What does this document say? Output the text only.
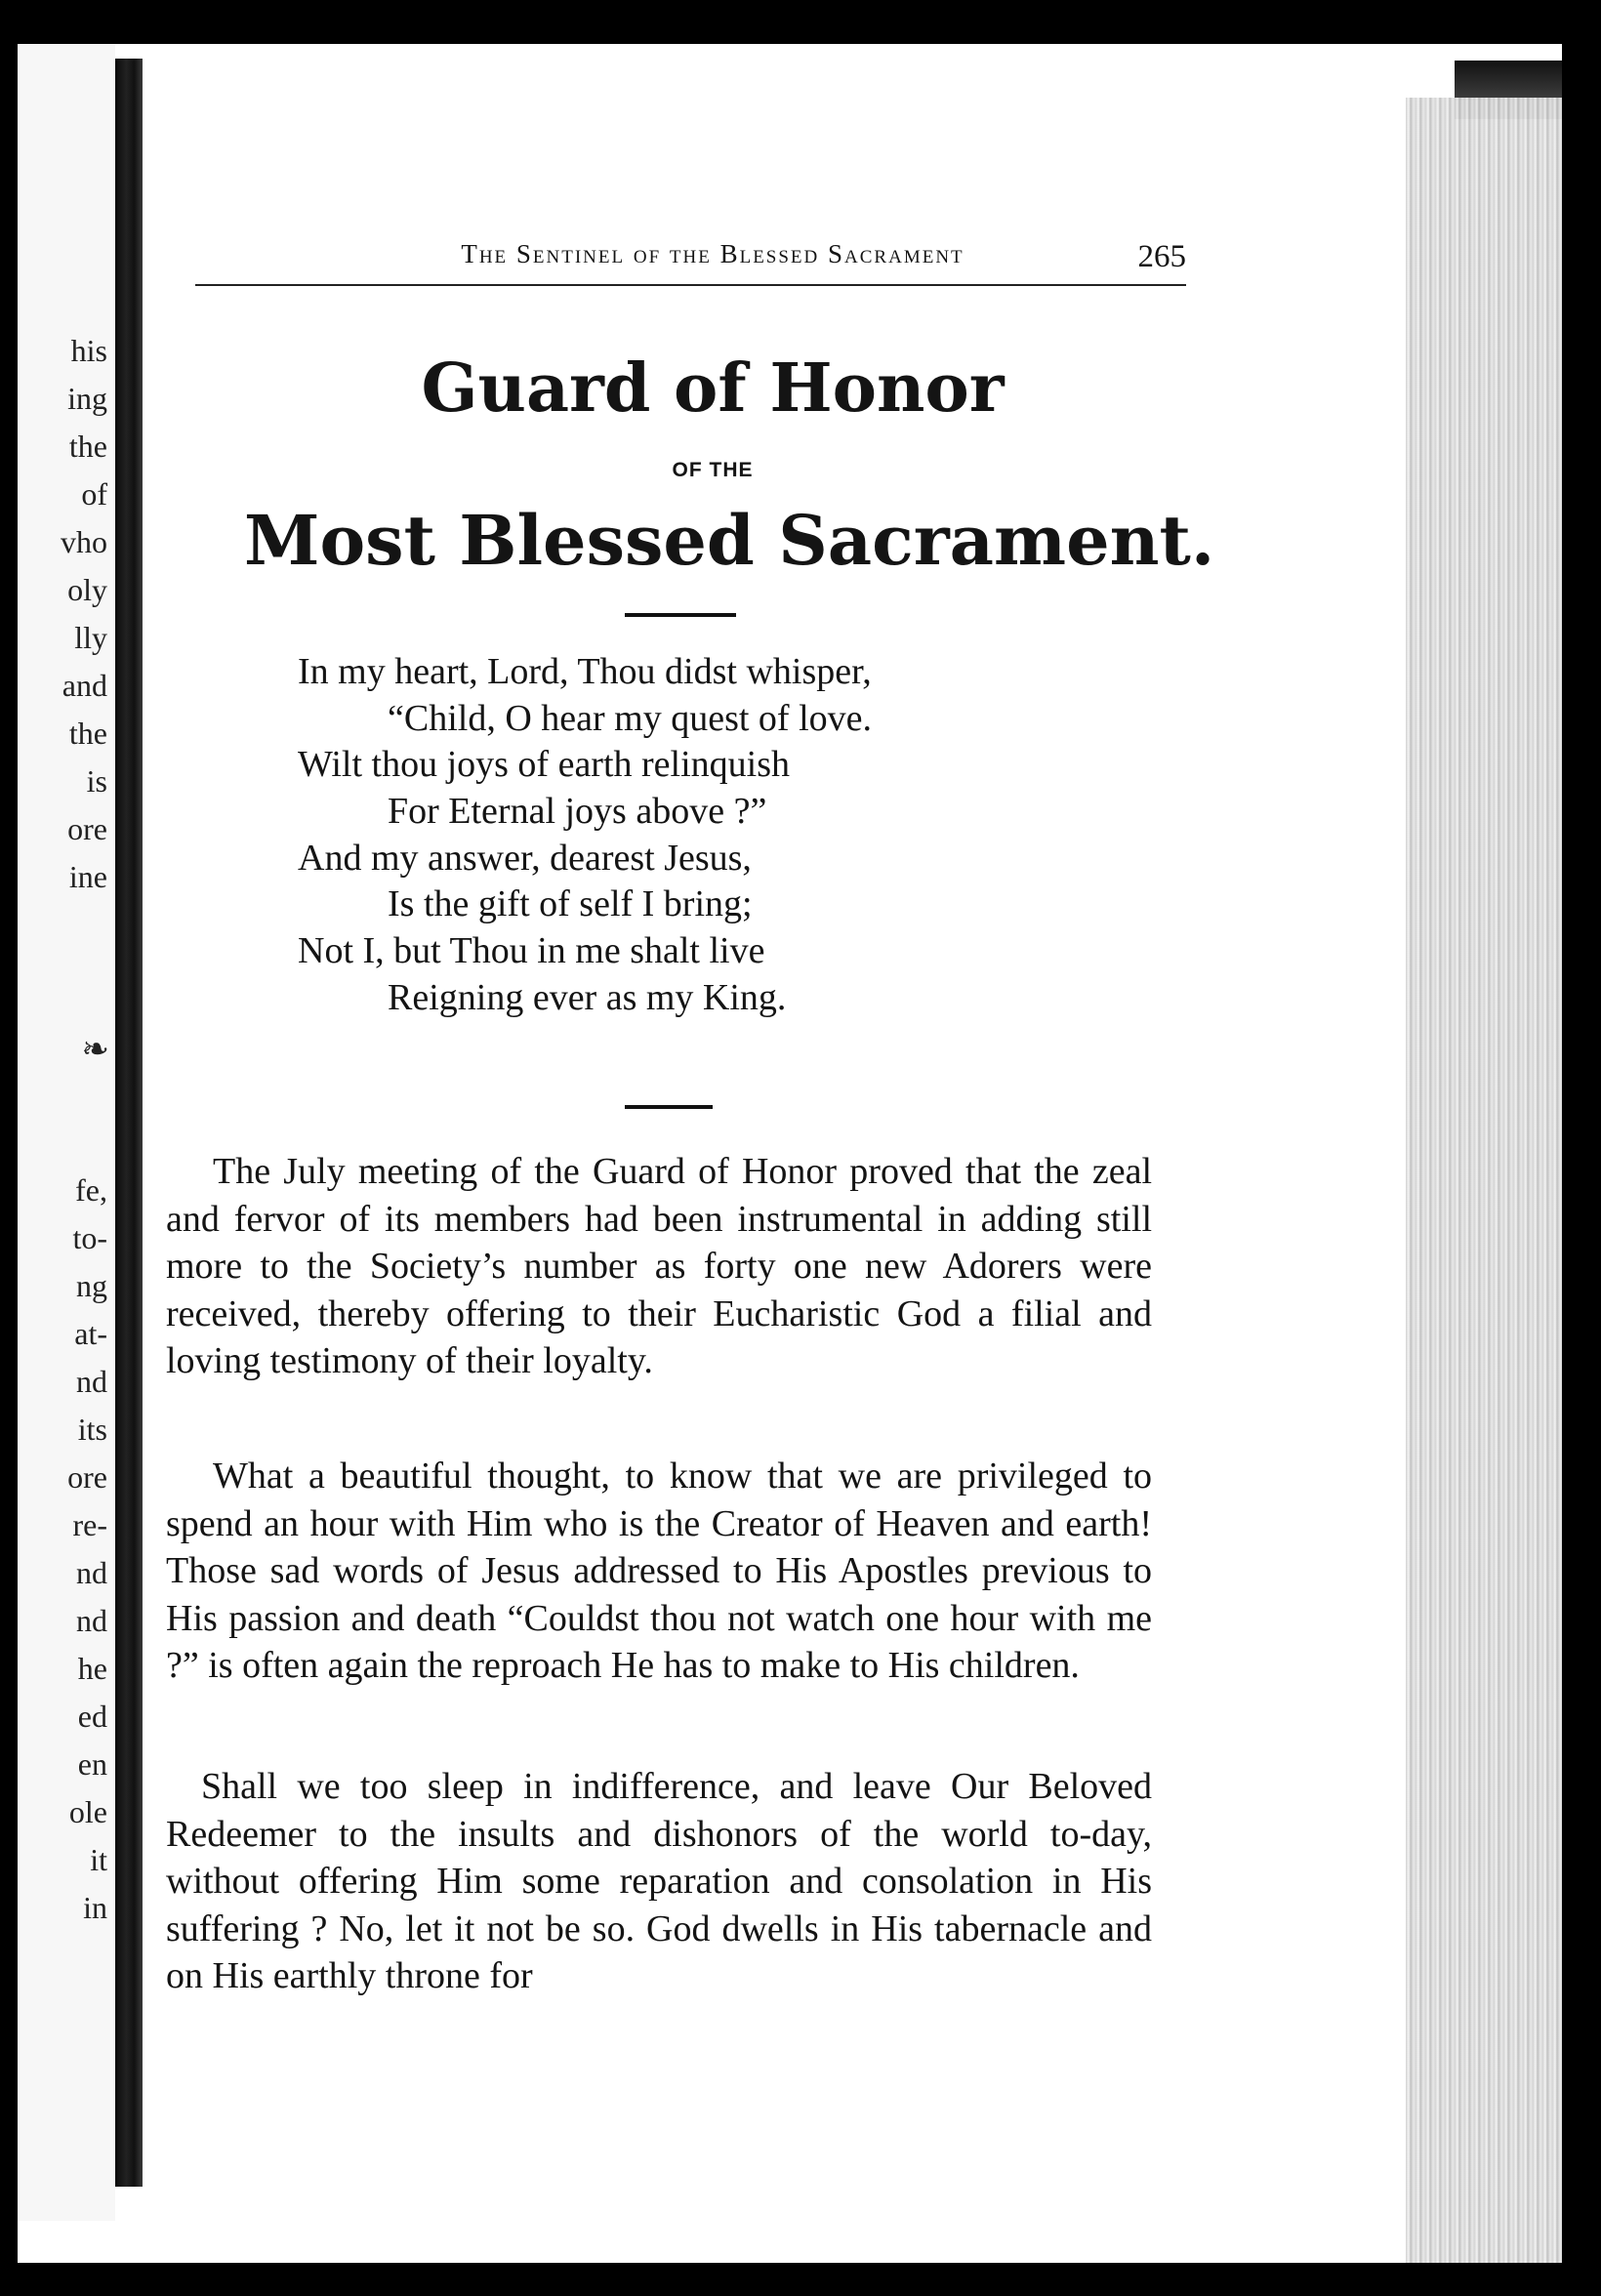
his
ing
the
of
vho
oly
lly
and
the
is
ore
ine
❧
fe,
to-
ng
at-
nd
its
ore
re-
nd
nd
he
ed
en
ole
it
in
The Sentinel of the Blessed Sacrament	265
Guard of Honor
OF THE
Most Blessed Sacrament.
In my heart, Lord, Thou didst whisper,
“Child, O hear my quest of love.
Wilt thou joys of earth relinquish
For Eternal joys above ?”
And my answer, dearest Jesus,
Is the gift of self I bring;
Not I, but Thou in me shalt live
Reigning ever as my King.
The July meeting of the Guard of Honor proved that the zeal and fervor of its members had been instrumental in adding still more to the Society’s number as forty one new Adorers were received, thereby offering to their Eucharistic God a filial and loving testimony of their loyalty.
What a beautiful thought, to know that we are privileged to spend an hour with Him who is the Creator of Heaven and earth! Those sad words of Jesus addressed to His Apostles previous to His passion and death “Couldst thou not watch one hour with me ?” is often again the reproach He has to make to His children.
Shall we too sleep in indifference, and leave Our Beloved Redeemer to the insults and dishonors of the world to-day, without offering Him some reparation and consolation in His suffering ? No, let it not be so. God dwells in His tabernacle and on His earthly throne for
